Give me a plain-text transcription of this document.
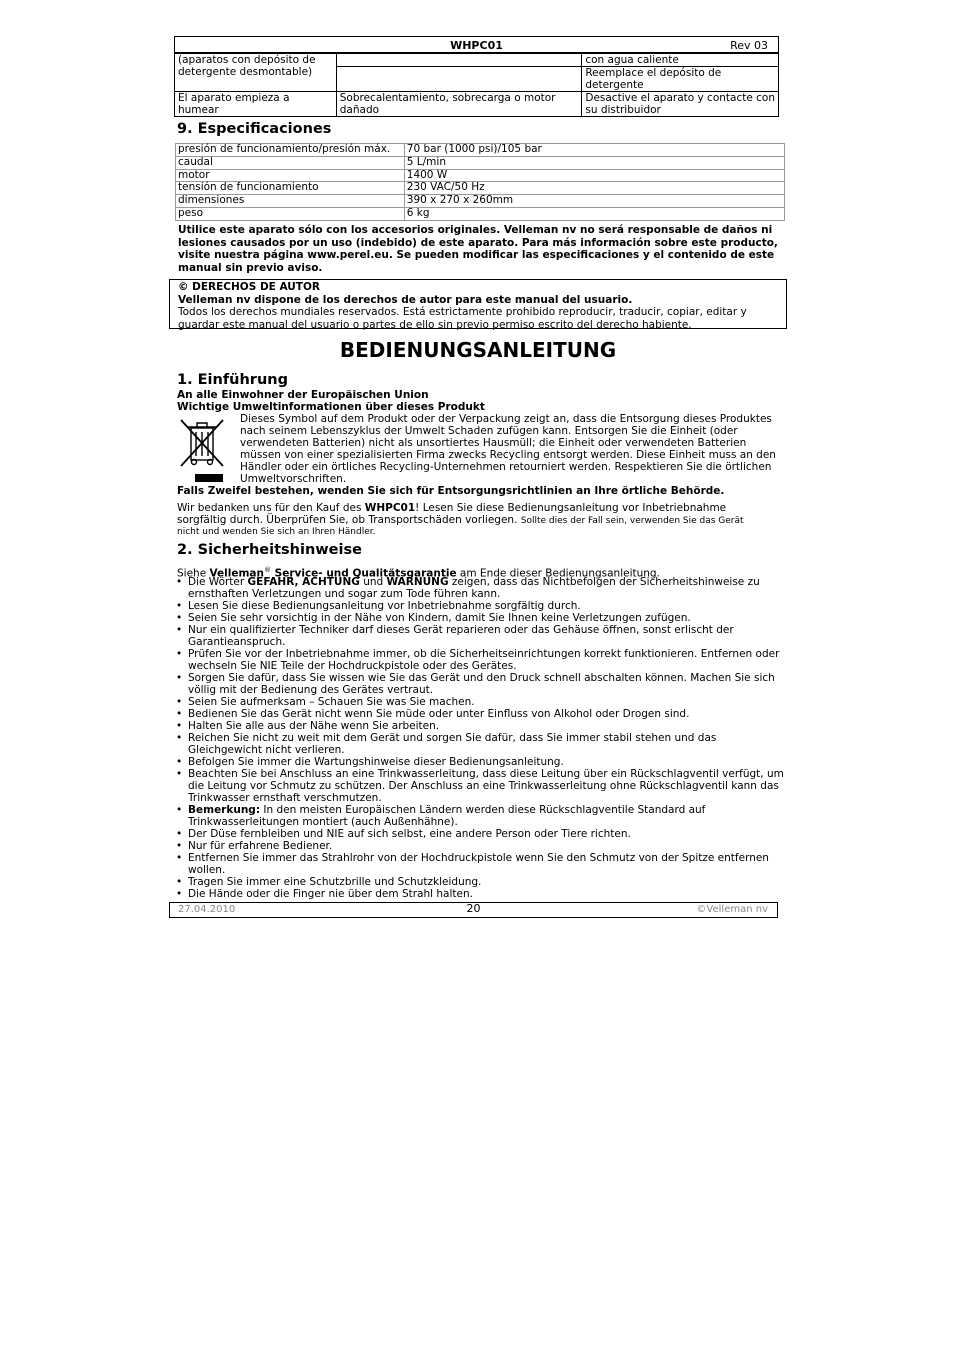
WHPC01	Rev 03
(aparatos con depósito de detergente desmontable)		con agua caliente
		Reemplace el depósito de detergente
El aparato empieza a humear	Sobrecalentamiento, sobrecarga o motor dañado	Desactive el aparato y contacte con su distribuidor
9. Especificaciones
presión de funcionamiento/presión máx.	70 bar (1000 psi)/105 bar
caudal	5 L/min
motor	1400 W
tensión de funcionamiento	230 VAC/50 Hz
dimensiones	390 x 270 x 260mm
peso	6 kg
Utilice este aparato sólo con los accesorios originales. Velleman nv no será responsable de daños ni lesiones causados por un uso (indebido) de este aparato. Para más información sobre este producto, visite nuestra página www.perel.eu. Se pueden modificar las especificaciones y el contenido de este manual sin previo aviso.
© DERECHOS DE AUTOR
Velleman nv dispone de los derechos de autor para este manual del usuario.
Todos los derechos mundiales reservados. Está estrictamente prohibido reproducir, traducir, copiar, editar y guardar este manual del usuario o partes de ello sin previo permiso escrito del derecho habiente.
BEDIENUNGSANLEITUNG
1. Einführung
An alle Einwohner der Europäischen Union
Wichtige Umweltinformationen über dieses Produkt
Dieses Symbol auf dem Produkt oder der Verpackung zeigt an, dass die Entsorgung dieses Produktes
nach seinem Lebenszyklus der Umwelt Schaden zufügen kann. Entsorgen Sie die Einheit (oder
verwendeten Batterien) nicht als unsortiertes Hausmüll; die Einheit oder verwendeten Batterien
müssen von einer spezialisierten Firma zwecks Recycling entsorgt werden. Diese Einheit muss an den
Händler oder ein örtliches Recycling-Unternehmen retourniert werden. Respektieren Sie die örtlichen
Umweltvorschriften.
Falls Zweifel bestehen, wenden Sie sich für Entsorgungsrichtlinien an Ihre örtliche Behörde.
Wir bedanken uns für den Kauf des WHPC01! Lesen Sie diese Bedienungsanleitung vor Inbetriebnahme
sorgfältig durch. Überprüfen Sie, ob Transportschäden vorliegen. Sollte dies der Fall sein, verwenden Sie das Gerät
nicht und wenden Sie sich an Ihren Händler.
2. Sicherheitshinweise
Siehe Velleman® Service- und Qualitätsgarantie am Ende dieser Bedienungsanleitung.
• Die Wörter GEFAHR, ACHTUNG und WARNUNG zeigen, dass das Nichtbefolgen der Sicherheitshinweise zu ernsthaften Verletzungen und sogar zum Tode führen kann.
• Lesen Sie diese Bedienungsanleitung vor Inbetriebnahme sorgfältig durch.
• Seien Sie sehr vorsichtig in der Nähe von Kindern, damit Sie Ihnen keine Verletzungen zufügen.
• Nur ein qualifizierter Techniker darf dieses Gerät reparieren oder das Gehäuse öffnen, sonst erlischt der Garantieanspruch.
• Prüfen Sie vor der Inbetriebnahme immer, ob die Sicherheitseinrichtungen korrekt funktionieren. Entfernen oder wechseln Sie NIE Teile der Hochdruckpistole oder des Gerätes.
• Sorgen Sie dafür, dass Sie wissen wie Sie das Gerät und den Druck schnell abschalten können. Machen Sie sich völlig mit der Bedienung des Gerätes vertraut.
• Seien Sie aufmerksam – Schauen Sie was Sie machen.
• Bedienen Sie das Gerät nicht wenn Sie müde oder unter Einfluss von Alkohol oder Drogen sind.
• Halten Sie alle aus der Nähe wenn Sie arbeiten.
• Reichen Sie nicht zu weit mit dem Gerät und sorgen Sie dafür, dass Sie immer stabil stehen und das Gleichgewicht nicht verlieren.
• Befolgen Sie immer die Wartungshinweise dieser Bedienungsanleitung.
• Beachten Sie bei Anschluss an eine Trinkwasserleitung, dass diese Leitung über ein Rückschlagventil verfügt, um die Leitung vor Schmutz zu schützen. Der Anschluss an eine Trinkwasserleitung ohne Rückschlagventil kann das Trinkwasser ernsthaft verschmutzen.
• Bemerkung: In den meisten Europäischen Ländern werden diese Rückschlagventile Standard auf Trinkwasserleitungen montiert (auch Außenhähne).
• Der Düse fernbleiben und NIE auf sich selbst, eine andere Person oder Tiere richten.
• Nur für erfahrene Bediener.
• Entfernen Sie immer das Strahlrohr von der Hochdruckpistole wenn Sie den Schmutz von der Spitze entfernen wollen.
• Tragen Sie immer eine Schutzbrille und Schutzkleidung.
• Die Hände oder die Finger nie über dem Strahl halten.
27.04.2010	20	©Velleman nv
